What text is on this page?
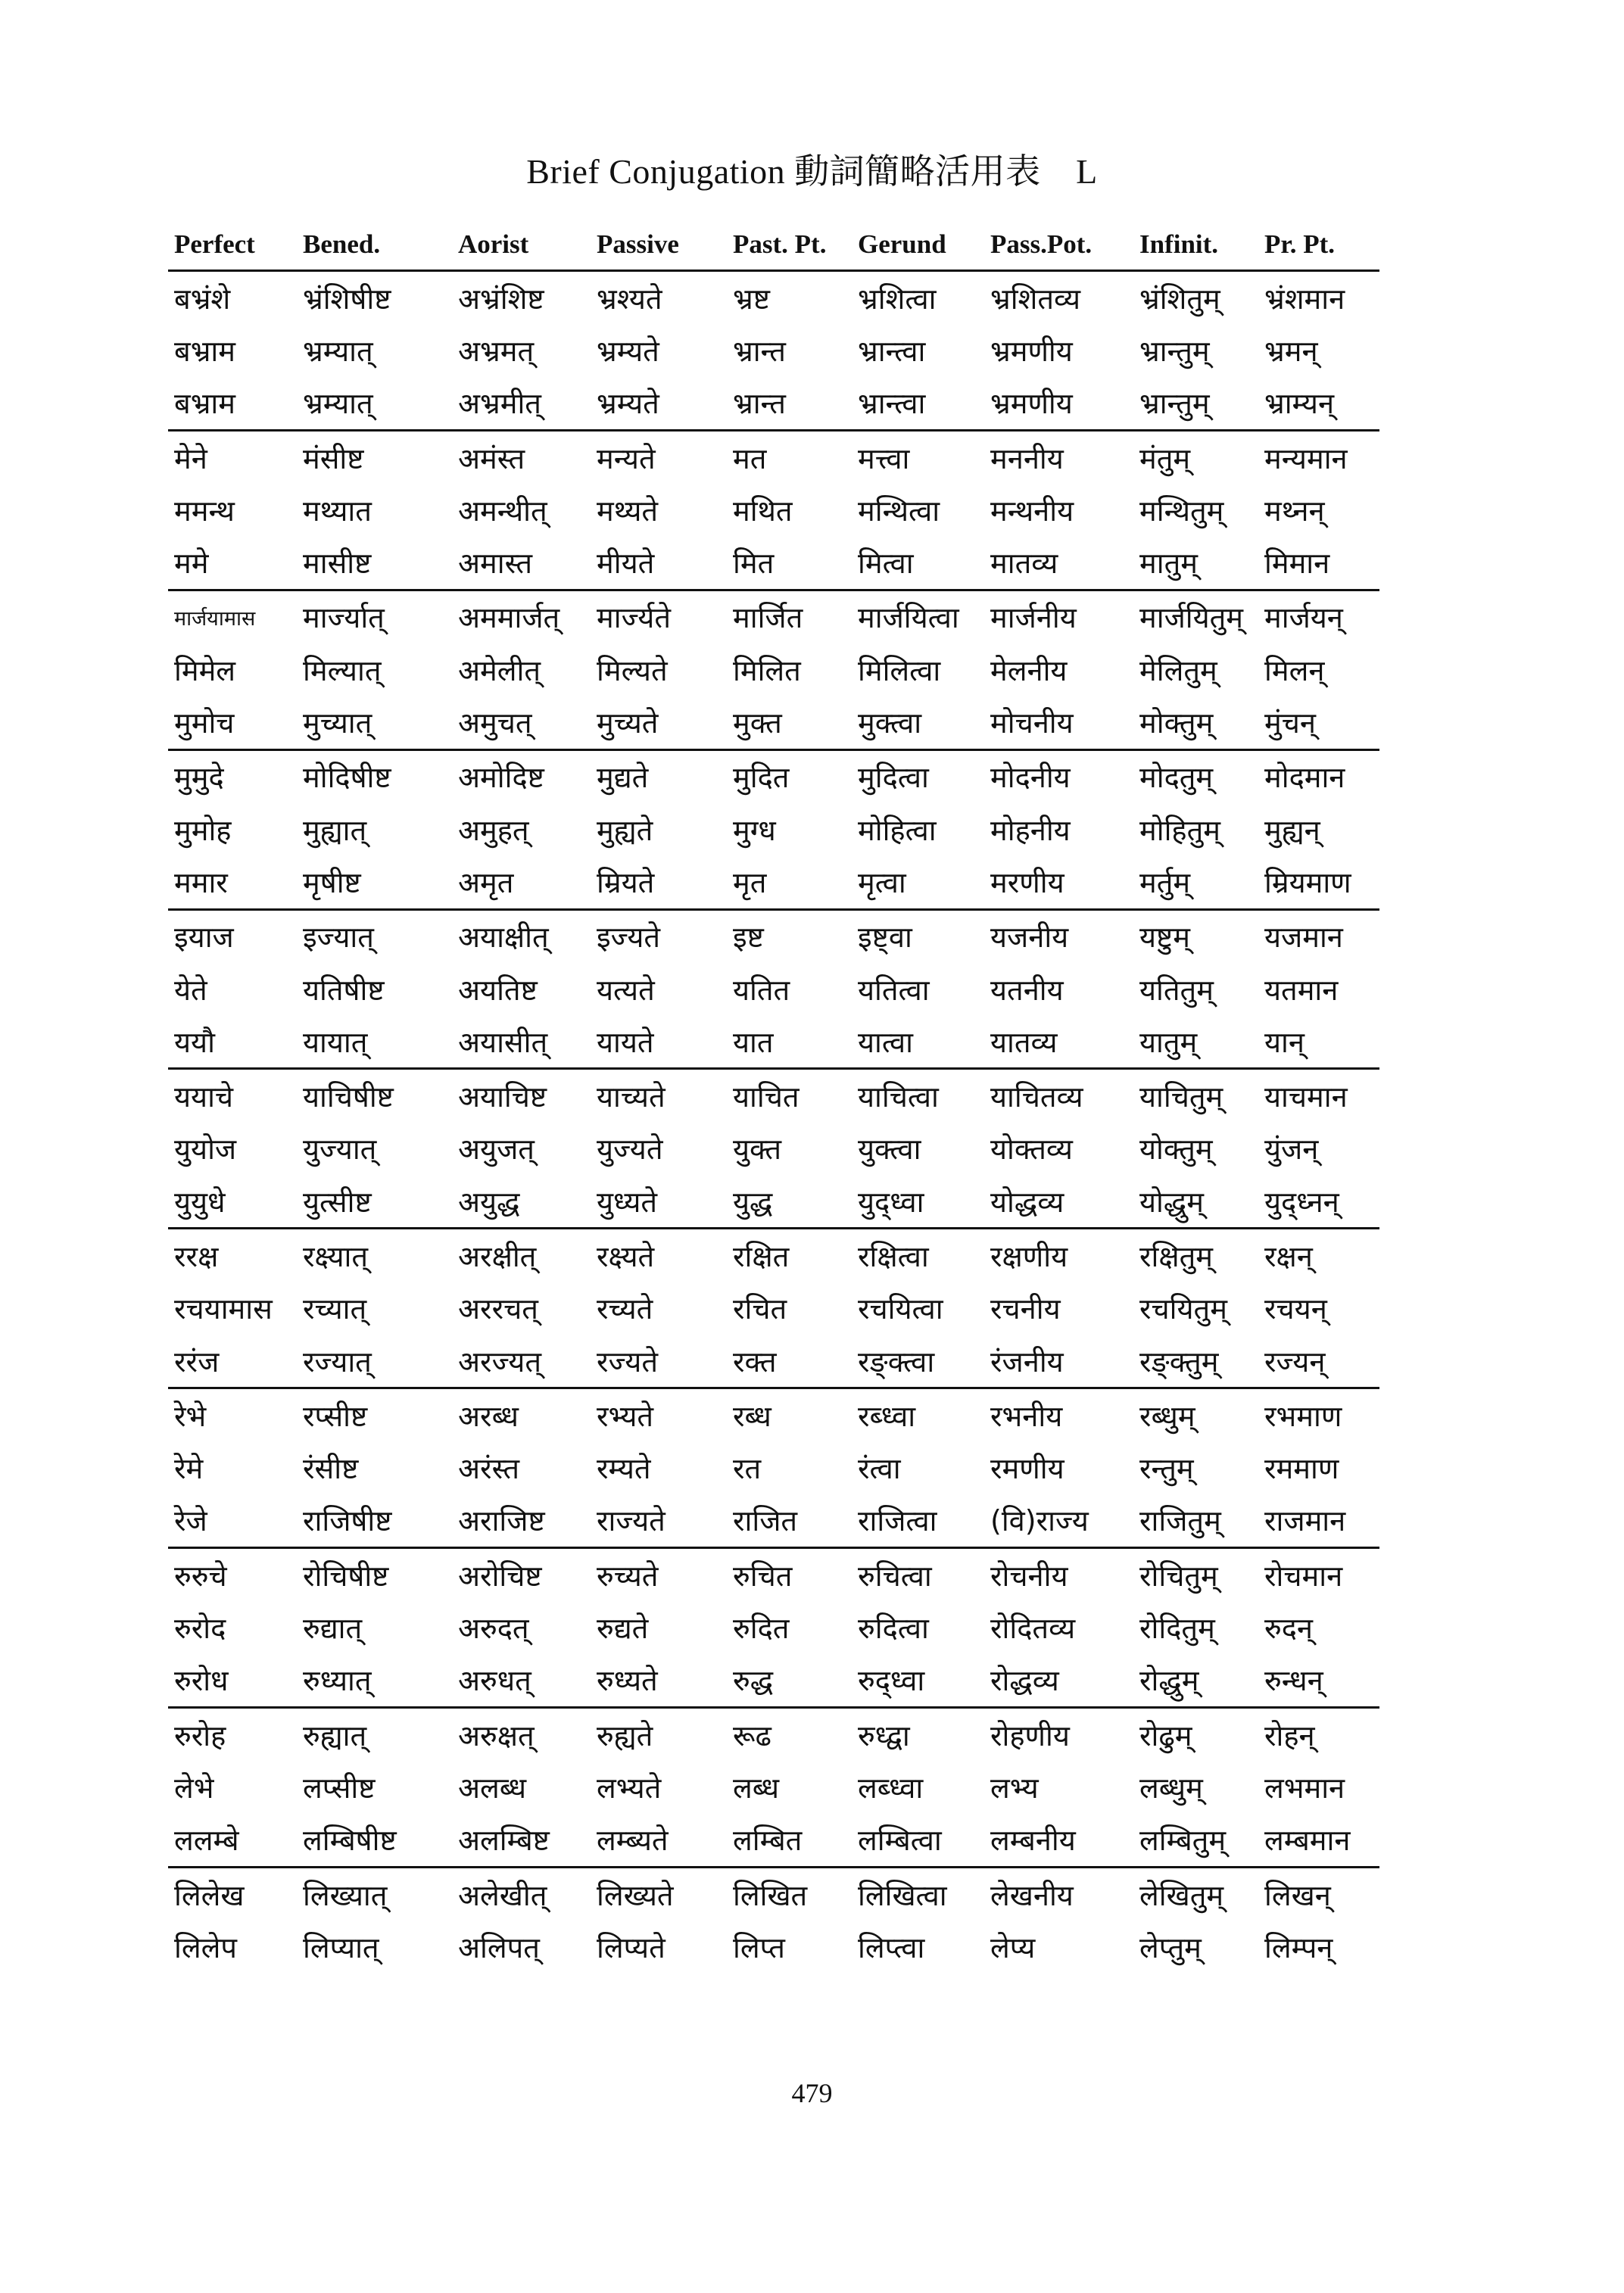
Brief Conjugation 動詞簡略活用表　L
Perfect	Bened.	Aorist	Passive	Past. Pt.	Gerund	Pass.Pot.	Infinit.	Pr. Pt.
बभ्रंशे	भ्रंशिषीष्ट	अभ्रंशिष्ट	भ्रश्यते	भ्रष्ट	भ्रशित्वा	भ्रशितव्य	भ्रंशितुम्	भ्रंशमान
बभ्राम	भ्रम्यात्	अभ्रमत्	भ्रम्यते	भ्रान्त	भ्रान्त्वा	भ्रमणीय	भ्रान्तुम्	भ्रमन्
बभ्राम	भ्रम्यात्	अभ्रमीत्	भ्रम्यते	भ्रान्त	भ्रान्त्वा	भ्रमणीय	भ्रान्तुम्	भ्राम्यन्
मेने	मंसीष्ट	अमंस्त	मन्यते	मत	मत्त्वा	मननीय	मंतुम्	मन्यमान
ममन्थ	मथ्यात	अमन्थीत्	मथ्यते	मथित	मन्थित्वा	मन्थनीय	मन्थितुम्	मथ्नन्
ममे	मासीष्ट	अमास्त	मीयते	मित	मित्वा	मातव्य	मातुम्	मिमान
मार्जयामास	मार्ज्यात्	अममार्जत्	मार्ज्यते	मार्जित	मार्जयित्वा	मार्जनीय	मार्जयितुम्	मार्जयन्
मिमेल	मिल्यात्	अमेलीत्	मिल्यते	मिलित	मिलित्वा	मेलनीय	मेलितुम्	मिलन्
मुमोच	मुच्यात्	अमुचत्	मुच्यते	मुक्त	मुक्त्वा	मोचनीय	मोक्तुम्	मुंचन्
मुमुदे	मोदिषीष्ट	अमोदिष्ट	मुद्यते	मुदित	मुदित्वा	मोदनीय	मोदतुम्	मोदमान
मुमोह	मुह्यात्	अमुहत्	मुह्यते	मुग्ध	मोहित्वा	मोहनीय	मोहितुम्	मुह्यन्
ममार	मृषीष्ट	अमृत	म्रियते	मृत	मृत्वा	मरणीय	मर्तुम्	म्रियमाण
इयाज	इज्यात्	अयाक्षीत्	इज्यते	इष्ट	इष्ट्वा	यजनीय	यष्टुम्	यजमान
येते	यतिषीष्ट	अयतिष्ट	यत्यते	यतित	यतित्वा	यतनीय	यतितुम्	यतमान
ययौ	यायात्	अयासीत्	यायते	यात	यात्वा	यातव्य	यातुम्	यान्
ययाचे	याचिषीष्ट	अयाचिष्ट	याच्यते	याचित	याचित्वा	याचितव्य	याचितुम्	याचमान
युयोज	युज्यात्	अयुजत्	युज्यते	युक्त	युक्त्वा	योक्तव्य	योक्तुम्	युंजन्
युयुधे	युत्सीष्ट	अयुद्ध	युध्यते	युद्ध	युद्ध्वा	योद्धव्य	योद्धुम्	युद्ध्नन्
ररक्ष	रक्ष्यात्	अरक्षीत्	रक्ष्यते	रक्षित	रक्षित्वा	रक्षणीय	रक्षितुम्	रक्षन्
रचयामास	रच्यात्	अररचत्	रच्यते	रचित	रचयित्वा	रचनीय	रचयितुम्	रचयन्
ररंज	रज्यात्	अरज्यत्	रज्यते	रक्त	रङ्क्त्वा	रंजनीय	रङ्क्तुम्	रज्यन्
रेभे	रप्सीष्ट	अरब्ध	रभ्यते	रब्ध	रब्ध्वा	रभनीय	रब्धुम्	रभमाण
रेमे	रंसीष्ट	अरंस्त	रम्यते	रत	रंत्वा	रमणीय	रन्तुम्	रममाण
रेजे	राजिषीष्ट	अराजिष्ट	राज्यते	राजित	राजित्वा	(वि)राज्य	राजितुम्	राजमान
रुरुचे	रोचिषीष्ट	अरोचिष्ट	रुच्यते	रुचित	रुचित्वा	रोचनीय	रोचितुम्	रोचमान
रुरोद	रुद्यात्	अरुदत्	रुद्यते	रुदित	रुदित्वा	रोदितव्य	रोदितुम्	रुदन्
रुरोध	रुध्यात्	अरुधत्	रुध्यते	रुद्ध	रुद्ध्वा	रोद्धव्य	रोद्धुम्	रुन्धन्
रुरोह	रुह्यात्	अरुक्षत्	रुह्यते	रूढ	रुध्द्वा	रोहणीय	रोढुम्	रोहन्
लेभे	लप्सीष्ट	अलब्ध	लभ्यते	लब्ध	लब्ध्वा	लभ्य	लब्धुम्	लभमान
ललम्बे	लम्बिषीष्ट	अलम्बिष्ट	लम्ब्यते	लम्बित	लम्बित्वा	लम्बनीय	लम्बितुम्	लम्बमान
लिलेख	लिख्यात्	अलेखीत्	लिख्यते	लिखित	लिखित्वा	लेखनीय	लेखितुम्	लिखन्
लिलेप	लिप्यात्	अलिपत्	लिप्यते	लिप्त	लिप्त्वा	लेप्य	लेप्तुम्	लिम्पन्
479
